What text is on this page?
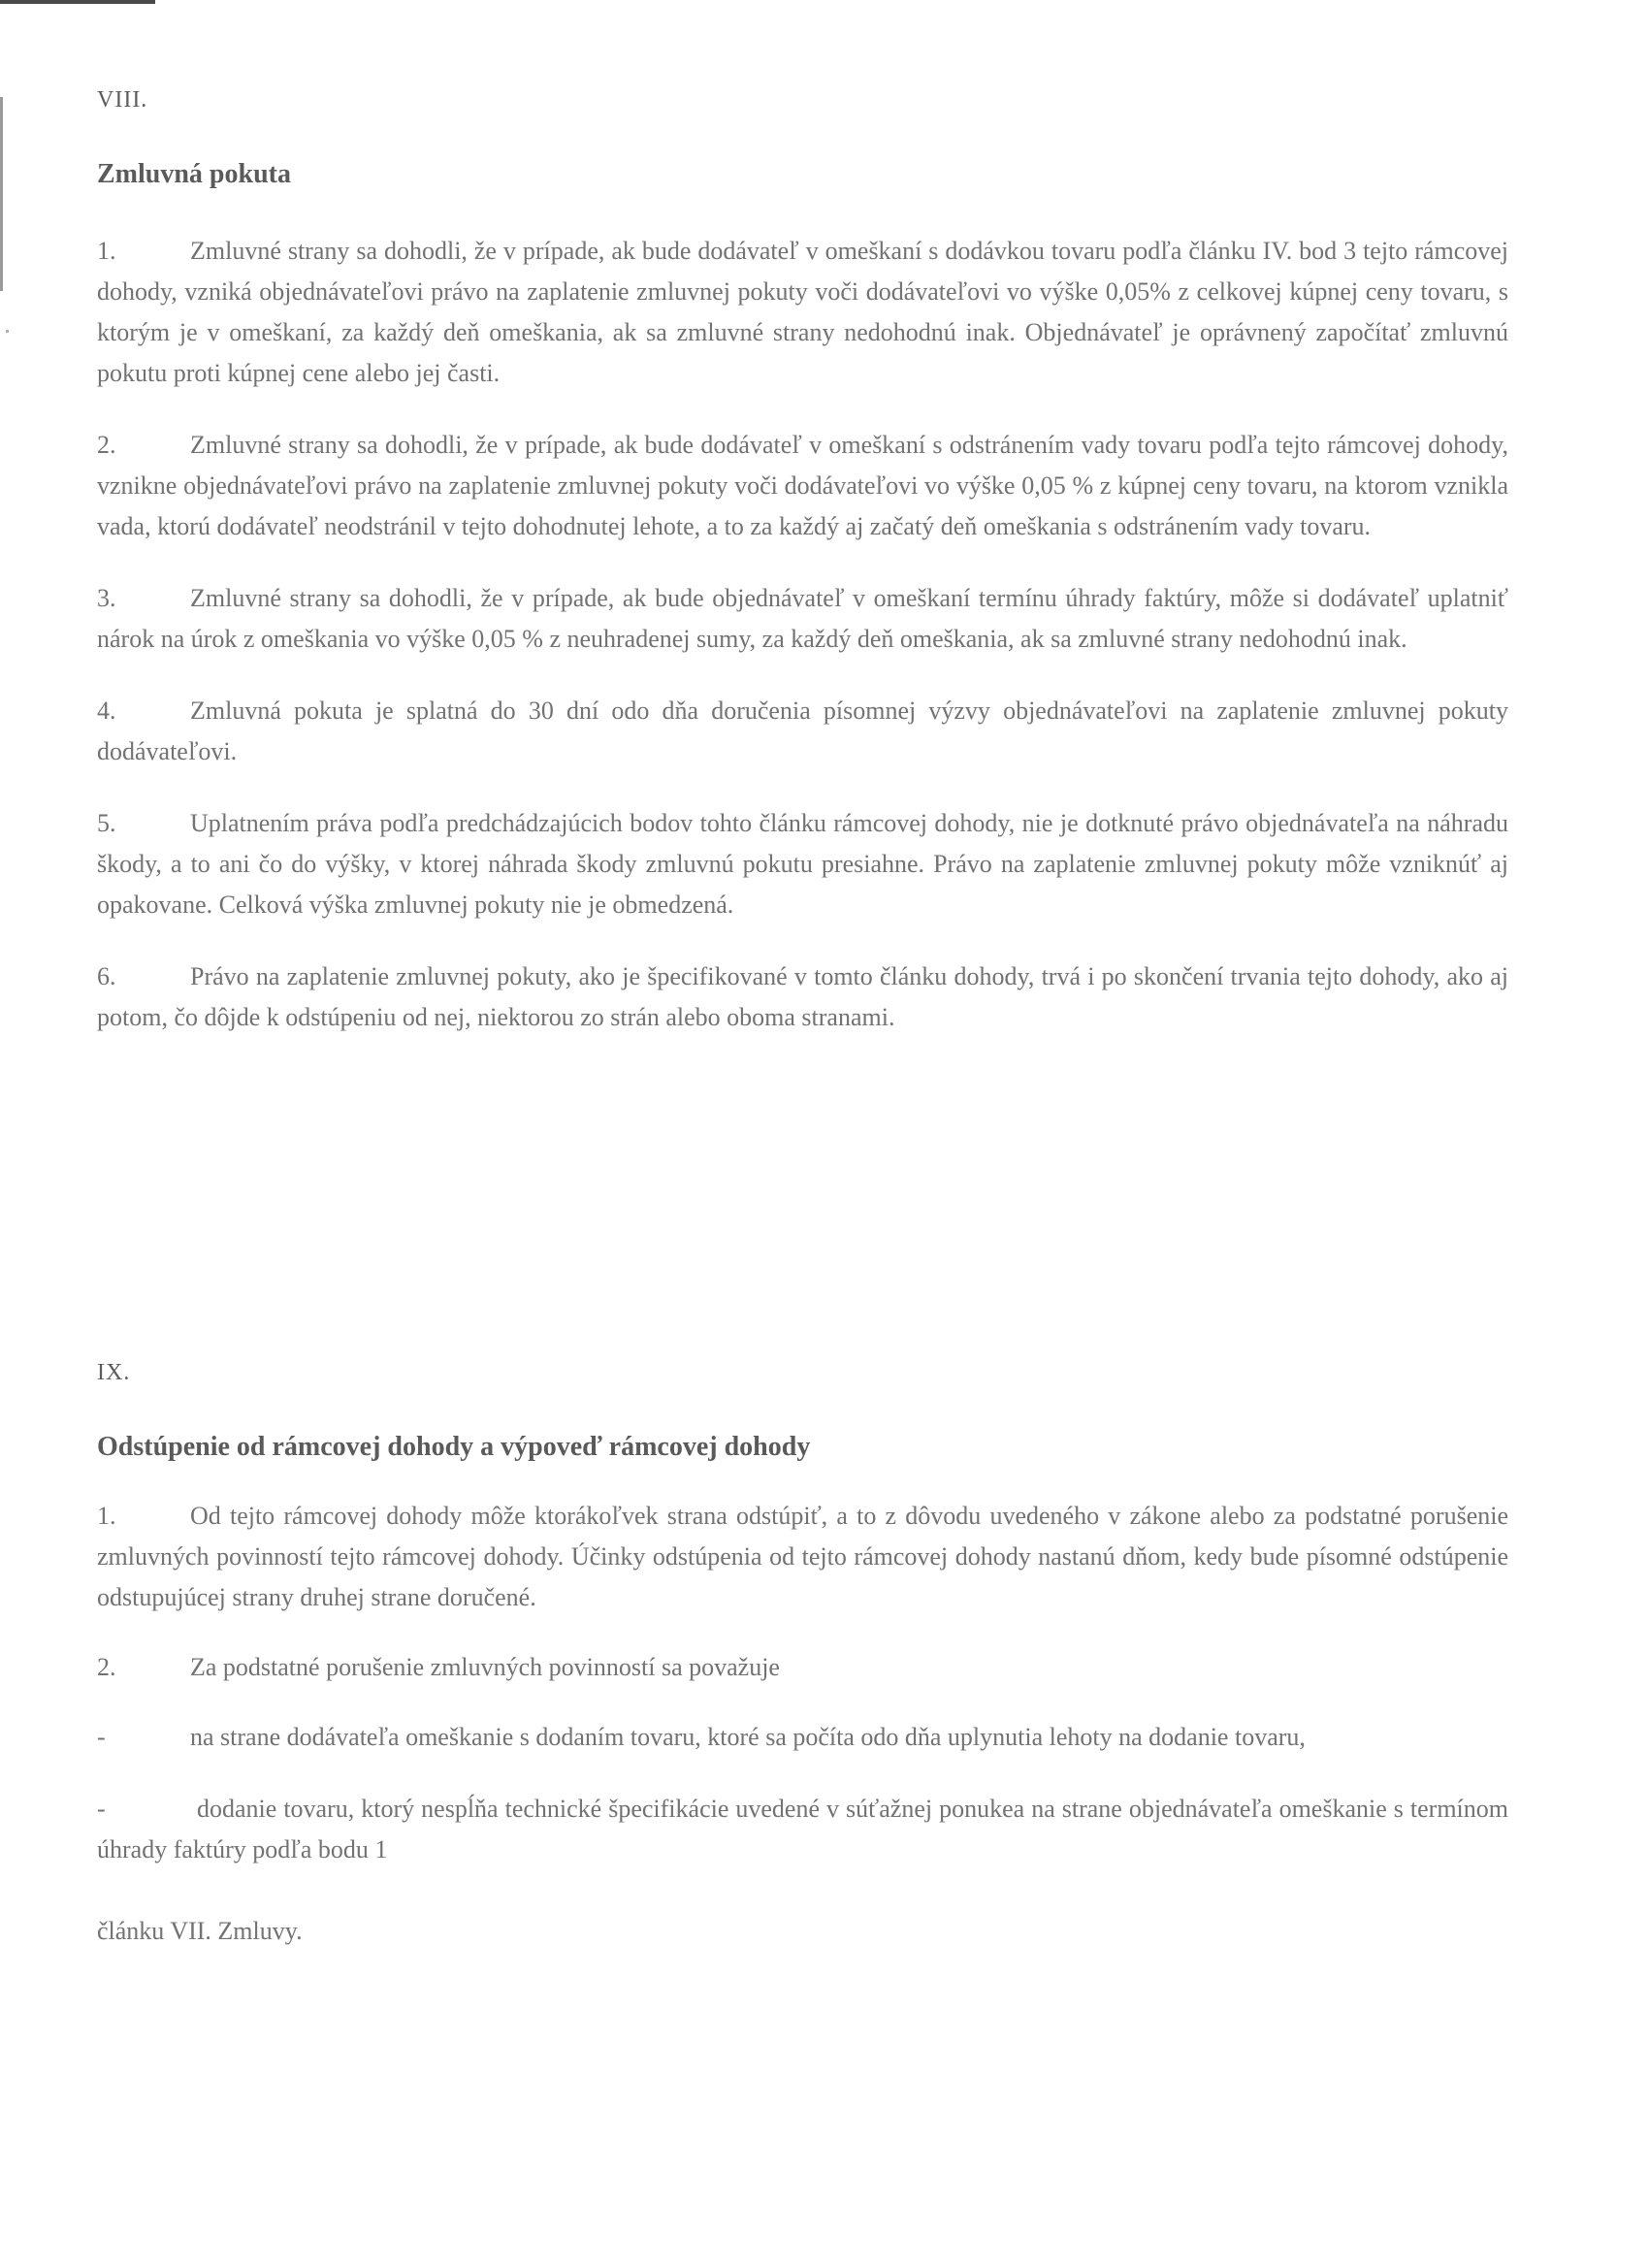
VIII.

Zmluvná pokuta

1.	Zmluvné strany sa dohodli, že v prípade, ak bude dodávateľ v omeškaní s dodávkou tovaru podľa článku IV. bod 3 tejto rámcovej dohody, vzniká objednávateľovi právo na zaplatenie zmluvnej pokuty voči dodávateľovi vo výške 0,05% z celkovej kúpnej ceny tovaru, s ktorým je v omeškaní, za každý deň omeškania, ak sa zmluvné strany nedohodnú inak. Objednávateľ je oprávnený započítať zmluvnú pokutu proti kúpnej cene alebo jej časti.

2.	Zmluvné strany sa dohodli, že v prípade, ak bude dodávateľ v omeškaní s odstránením vady tovaru podľa tejto rámcovej dohody, vznikne objednávateľovi právo na zaplatenie zmluvnej pokuty voči dodávateľovi vo výške 0,05 % z kúpnej ceny tovaru, na ktorom vznikla vada, ktorú dodávateľ neodstránil v tejto dohodnutej lehote, a to za každý aj začatý deň omeškania s odstránením vady tovaru.

3.	Zmluvné strany sa dohodli, že v prípade, ak bude objednávateľ v omeškaní termínu úhrady faktúry, môže si dodávateľ uplatniť nárok na úrok z omeškania vo výške 0,05 % z neuhradenej sumy, za každý deň omeškania, ak sa zmluvné strany nedohodnú inak.

4.	Zmluvná pokuta je splatná do 30 dní odo dňa doručenia písomnej výzvy objednávateľovi na zaplatenie zmluvnej pokuty dodávateľovi.

5.	Uplatnením práva podľa predchádzajúcich bodov tohto článku rámcovej dohody, nie je dotknuté právo objednávateľa na náhradu škody, a to ani čo do výšky, v ktorej náhrada škody zmluvnú pokutu presiahne. Právo na zaplatenie zmluvnej pokuty môže vzniknúť aj opakovane. Celková výška zmluvnej pokuty nie je obmedzená.

6.	Právo na zaplatenie zmluvnej pokuty, ako je špecifikované v tomto článku dohody, trvá i po skončení trvania tejto dohody, ako aj potom, čo dôjde k odstúpeniu od nej, niektorou zo strán alebo oboma stranami.

IX.

Odstúpenie od rámcovej dohody a výpoveď rámcovej dohody

1.	Od tejto rámcovej dohody môže ktorákoľvek strana odstúpiť, a to z dôvodu uvedeného v zákone alebo za podstatné porušenie zmluvných povinností tejto rámcovej dohody. Účinky odstúpenia od tejto rámcovej dohody nastanú dňom, kedy bude písomné odstúpenie odstupujúcej strany druhej strane doručené.

2.	Za podstatné porušenie zmluvných povinností sa považuje

-	na strane dodávateľa omeškanie s dodaním tovaru, ktoré sa počíta odo dňa uplynutia lehoty na dodanie tovaru,

-	dodanie tovaru, ktorý nespĺňa technické špecifikácie uvedené v súťažnej ponukea na strane objednávateľa omeškanie s termínom úhrady faktúry podľa bodu 1

článku VII. Zmluvy.
